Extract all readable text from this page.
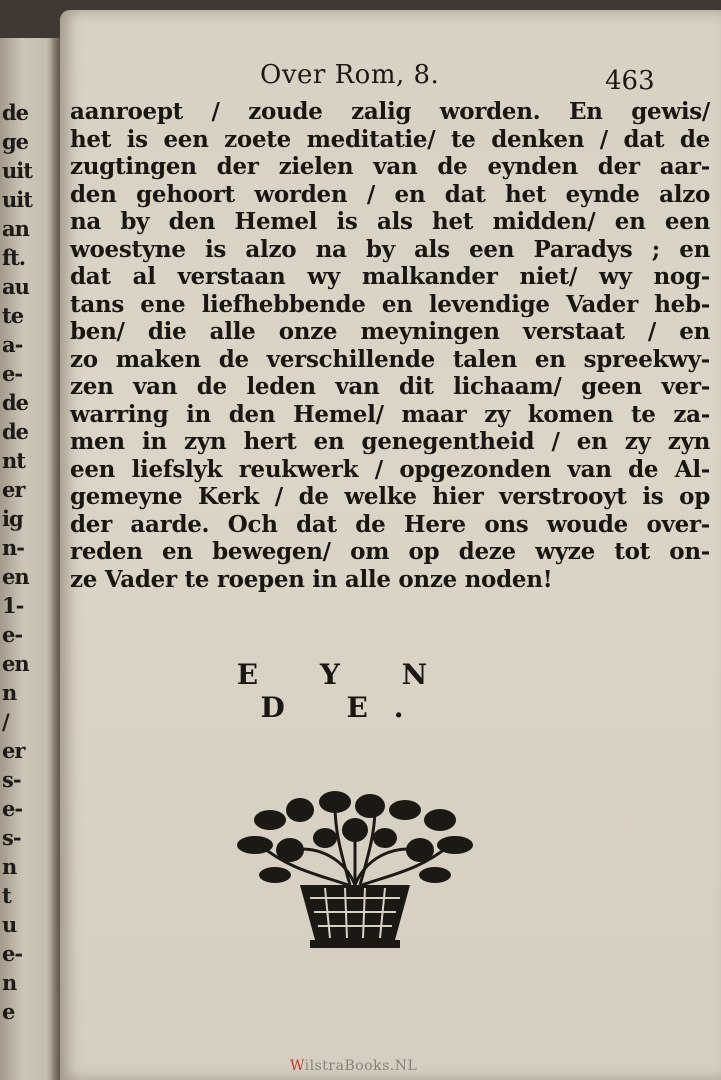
de
ge
uit
uit
an
ft.
au
te
a-
e-
de
de
nt
er
ig
n-
en
1-
e-
en
n
/
er
s-
e-
s-
n
t
u
e-
n
e
Over Rom, 8.	463
aanroept / zoude zalig worden. En gewis/
het is een zoete meditatie/ te denken / dat de
zugtingen der zielen van de eynden der aar-
den gehoort worden / en dat het eynde alzo
na by den Hemel is als het midden/ en een
woestyne is alzo na by als een Paradys ; en
dat al verstaan wy malkander niet/ wy nog-
tans ene liefhebbende en levendige Vader heb-
ben/ die alle onze meyningen verstaat / en
zo maken de verschillende talen en spreekwy-
zen van de leden van dit lichaam/ geen ver-
warring in den Hemel/ maar zy komen te za-
men in zyn hert en genegentheid / en zy zyn
een liefslyk reukwerk / opgezonden van de Al-
gemeyne Kerk / de welke hier verstrooyt is op
der aarde. Och dat de Here ons woude over-
reden en bewegen/ om op deze wyze tot on-
ze Vader te roepen in alle onze noden!
E Y N D E.
WilstraBooks.NL
